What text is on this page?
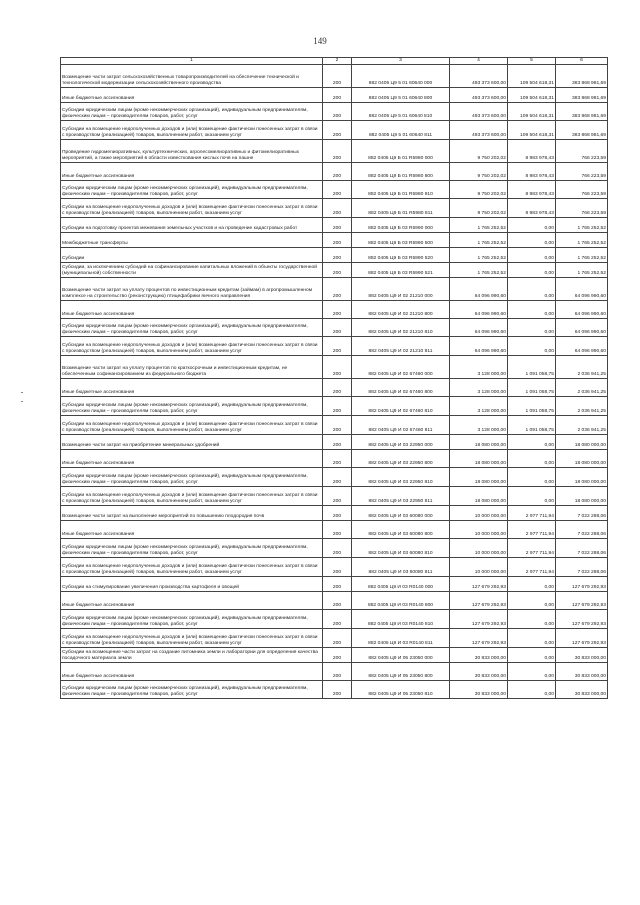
149
1	2	3	4	5	6
Возмещение части затрат сельскохозяйственных товаропроизводителей на обеспечение технической и технологической модернизации сельскохозяйственного производства	200	882 0405 Ц9 5 01 60640 000	493 373 600,00	109 504 618,31	383 868 981,69
Иные бюджетные ассигнования	200	882 0405 Ц9 5 01 60640 800	493 373 600,00	109 504 618,31	383 868 981,69
Субсидии юридическим лицам (кроме некоммерческих организаций), индивидуальным предпринимателям, физическим лицам – производителям товаров, работ, услуг	200	882 0405 Ц9 5 01 60640 810	493 373 600,00	109 504 618,31	383 868 981,69
Субсидии на возмещение недополученных доходов и (или) возмещение фактически понесенных затрат в связи с производством (реализацией) товаров, выполнением работ, оказанием услуг	200	882 0405 Ц9 5 01 60640 811	493 373 600,00	109 504 618,31	383 868 981,69
Проведение гидромелиоративных, культуртехнических, агролесомелиоративных и фитомелиоративных мероприятий, а также мероприятий в области известкования кислых почв на пашне	200	882 0405 Ц9 Б 01 R5980 000	9 750 202,02	8 983 978,43	766 223,59
Иные бюджетные ассигнования	200	882 0405 Ц9 Б 01 R5980 800	9 750 202,02	8 983 978,43	766 223,59
Субсидии юридическим лицам (кроме некоммерческих организаций), индивидуальным предпринимателям, физическим лицам – производителям товаров, работ, услуг	200	882 0405 Ц9 Б 01 R5980 810	9 750 202,02	8 983 978,43	766 223,59
Субсидии на возмещение недополученных доходов и (или) возмещение фактически понесенных затрат в связи с производством (реализацией) товаров, выполнением работ, оказанием услуг	200	882 0405 Ц9 Б 01 R5980 811	9 750 202,02	8 983 978,43	766 223,59
Субсидии на подготовку проектов межевания земельных участков и на проведение кадастровых работ	200	882 0405 Ц9 Б 03 R5990 000	1 765 252,52	0,00	1 765 252,52
Межбюджетные трансферты	200	882 0405 Ц9 Б 03 R5990 500	1 765 252,52	0,00	1 765 252,52
Субсидии	200	882 0405 Ц9 Б 03 R5990 520	1 765 252,52	0,00	1 765 252,52
Субсидии, за исключением субсидий на софинансирование капитальных вложений в объекты государственной (муниципальной) собственности	200	882 0405 Ц9 Б 03 R5990 521	1 765 252,52	0,00	1 765 252,52
Возмещение части затрат на уплату процентов по инвестиционным кредитам (займам) в агропромышленном комплексе на строительство (реконструкцию) птицефабрики яичного направления	200	882 0405 Ц9 И 02 21210 000	64 096 990,60	0,00	64 096 990,60
Иные бюджетные ассигнования	200	882 0405 Ц9 И 02 21210 800	64 096 990,60	0,00	64 096 990,60
Субсидии юридическим лицам (кроме некоммерческих организаций), индивидуальным предпринимателям, физическим лицам – производителям товаров, работ, услуг	200	882 0405 Ц9 И 02 21210 810	64 096 990,60	0,00	64 096 990,60
Субсидии на возмещение недополученных доходов и (или) возмещение фактически понесенных затрат в связи с производством (реализацией) товаров, выполнением работ, оказанием услуг	200	882 0405 Ц9 И 02 21210 811	64 096 990,60	0,00	64 096 990,60
Возмещение части затрат на уплату процентов по краткосрочным и инвестиционным кредитам, не обеспеченным софинансированием из федерального бюджета	200	882 0405 Ц9 И 02 67460 000	3 128 000,00	1 091 058,75	2 036 941,25
Иные бюджетные ассигнования	200	882 0405 Ц9 И 02 67460 800	3 128 000,00	1 091 058,75	2 036 941,25
Субсидии юридическим лицам (кроме некоммерческих организаций), индивидуальным предпринимателям, физическим лицам – производителям товаров, работ, услуг	200	882 0405 Ц9 И 02 67460 810	3 128 000,00	1 091 058,75	2 036 941,25
Субсидии на возмещение недополученных доходов и (или) возмещение фактически понесенных затрат в связи с производством (реализацией) товаров, выполнением работ, оказанием услуг	200	882 0405 Ц9 И 02 67460 811	3 128 000,00	1 091 058,75	2 036 941,25
Возмещение части затрат на приобретение минеральных удобрений	200	882 0405 Ц9 И 03 22950 000	18 080 000,00	0,00	18 080 000,00
Иные бюджетные ассигнования	200	882 0405 Ц9 И 03 22950 800	18 080 000,00	0,00	18 080 000,00
Субсидии юридическим лицам (кроме некоммерческих организаций), индивидуальным предпринимателям, физическим лицам – производителям товаров, работ, услуг	200	882 0405 Ц9 И 03 22950 810	18 080 000,00	0,00	18 080 000,00
Субсидии на возмещение недополученных доходов и (или) возмещение фактически понесенных затрат в связи с производством (реализацией) товаров, выполнением работ, оказанием услуг	200	882 0405 Ц9 И 03 22950 811	18 080 000,00	0,00	18 080 000,00
Возмещение части затрат на выполнение мероприятий по повышению плодородия почв	200	882 0405 Ц9 И 03 60080 000	10 000 000,00	2 977 711,94	7 022 288,06
Иные бюджетные ассигнования	200	882 0405 Ц9 И 03 60080 800	10 000 000,00	2 977 711,94	7 022 288,06
Субсидии юридическим лицам (кроме некоммерческих организаций), индивидуальным предпринимателям, физическим лицам – производителям товаров, работ, услуг	200	882 0405 Ц9 И 03 60080 810	10 000 000,00	2 977 711,94	7 022 288,06
Субсидии на возмещение недополученных доходов и (или) возмещение фактически понесенных затрат в связи с производством (реализацией) товаров, выполнением работ, оказанием услуг	200	882 0405 Ц9 И 03 60080 811	10 000 000,00	2 977 711,94	7 022 288,06
Субсидии на стимулирование увеличения производства картофеля и овощей	200	882 0405 Ц9 И 03 R0140 000	127 679 292,93	0,00	127 679 292,93
Иные бюджетные ассигнования	200	882 0405 Ц9 И 03 R0140 800	127 679 292,93	0,00	127 679 292,93
Субсидии юридическим лицам (кроме некоммерческих организаций), индивидуальным предпринимателям, физическим лицам – производителям товаров, работ, услуг	200	882 0405 Ц9 И 03 R0140 810	127 679 292,93	0,00	127 679 292,93
Субсидии на возмещение недополученных доходов и (или) возмещение фактически понесенных затрат в связи с производством (реализацией) товаров, выполнением работ, оказанием услуг	200	882 0405 Ц9 И 03 R0140 811	127 679 292,93	0,00	127 679 292,93
Субсидии на возмещение части затрат на создание питомника земли и лаборатории для определения качества посадочного материала земли	200	882 0405 Ц9 И 05 23050 000	30 833 000,00	0,00	30 833 000,00
Иные бюджетные ассигнования	200	882 0405 Ц9 И 05 23050 800	30 833 000,00	0,00	30 833 000,00
Субсидии юридическим лицам (кроме некоммерческих организаций), индивидуальным предпринимателям, физическим лицам – производителям товаров, работ, услуг	200	882 0405 Ц9 И 05 23050 810	30 833 000,00	0,00	30 833 000,00
